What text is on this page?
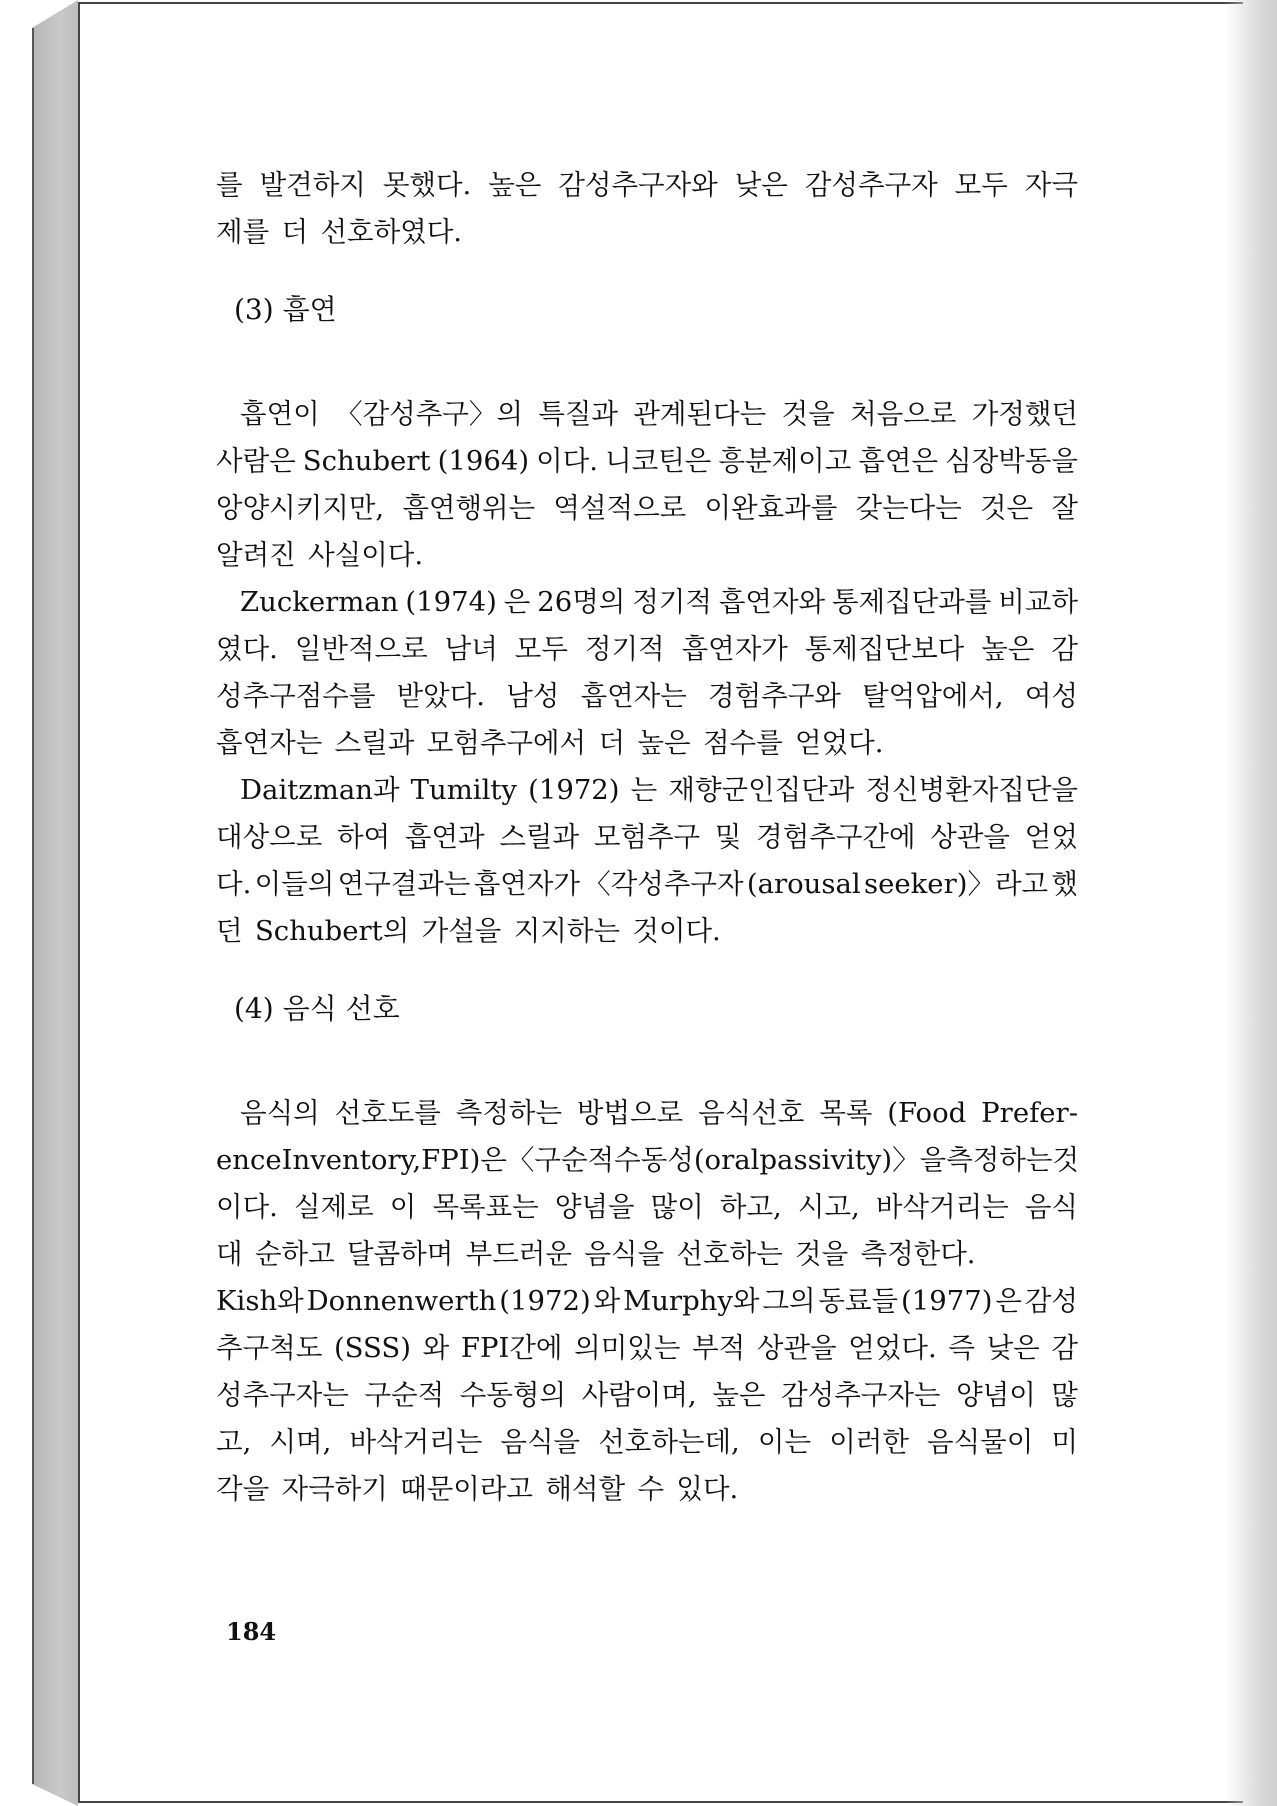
를 발견하지 못했다. 높은 감성추구자와 낮은 감성추구자 모두 자극
제를 더 선호하였다.
(3) 흡연
흡연이 〈감성추구〉의 특질과 관계된다는 것을 처음으로 가정했던
사람은 Schubert (1964) 이다. 니코틴은 흥분제이고 흡연은 심장박동을
앙양시키지만, 흡연행위는 역설적으로 이완효과를 갖는다는 것은 잘
알려진 사실이다.
Zuckerman (1974) 은 26명의 정기적 흡연자와 통제집단과를 비교하
였다. 일반적으로 남녀 모두 정기적 흡연자가 통제집단보다 높은 감
성추구점수를 받았다. 남성 흡연자는 경험추구와 탈억압에서, 여성
흡연자는 스릴과 모험추구에서 더 높은 점수를 얻었다.
Daitzman과 Tumilty (1972) 는 재향군인집단과 정신병환자집단을
대상으로 하여 흡연과 스릴과 모험추구 및 경험추구간에 상관을 얻었
다. 이들의 연구결과는 흡연자가 〈각성추구자 (arousal seeker)〉라고 했
던 Schubert의 가설을 지지하는 것이다.
(4) 음식 선호
음식의 선호도를 측정하는 방법으로 음식선호 목록 (Food Prefer-
ence Inventory, FPI) 은 〈구순적 수동성 (oral passivity)〉을 측정하는 것
이다. 실제로 이 목록표는 양념을 많이 하고, 시고, 바삭거리는 음식
대 순하고 달콤하며 부드러운 음식을 선호하는 것을 측정한다.
Kish와 Donnenwerth (1972) 와 Murphy와 그의 동료들 (1977) 은 감성
추구척도 (SSS) 와 FPI간에 의미있는 부적 상관을 얻었다. 즉 낮은 감
성추구자는 구순적 수동형의 사람이며, 높은 감성추구자는 양념이 많
고, 시며, 바삭거리는 음식을 선호하는데, 이는 이러한 음식물이 미
각을 자극하기 때문이라고 해석할 수 있다.
184
